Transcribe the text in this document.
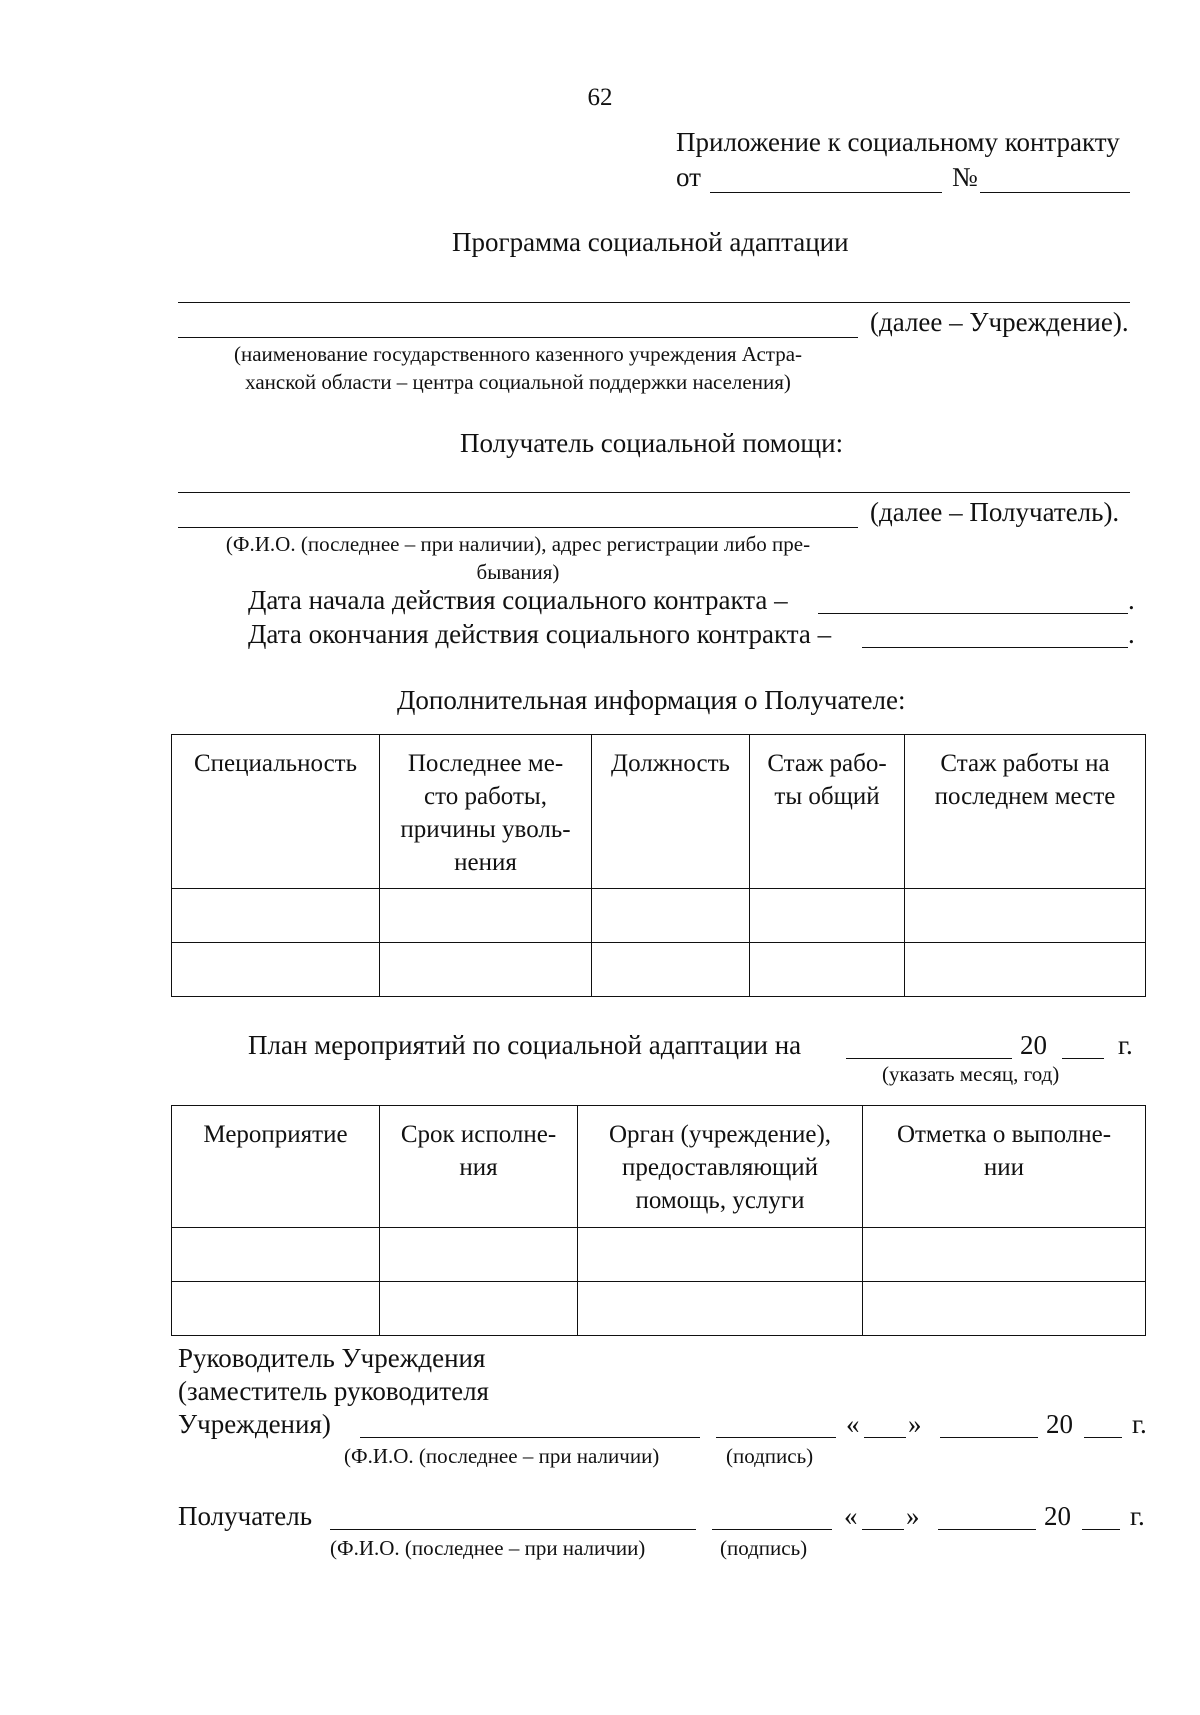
62
Приложение к социальному контракту
от	№
Программа социальной адаптации
(далее – Учреждение).
(наименование государственного казенного учреждения Астра-
ханской области – центра социальной поддержки населения)
Получатель социальной помощи:
(далее – Получатель).
(Ф.И.О. (последнее – при наличии), адрес регистрации либо пре-
бывания)
Дата начала действия социального контракта –	.
Дата окончания действия социального контракта –	.
Дополнительная информация о Получателе:
Специальность	Последнее ме-
сто работы,
причины уволь-
нения	Должность	Стаж рабо-
ты общий	Стаж работы на
последнем месте

План мероприятий по социальной адаптации на	20	г.
(указать месяц, год)
Мероприятие	Срок исполне-
ния	Орган (учреждение),
предоставляющий
помощь, услуги	Отметка о выполне-
нии

Руководитель Учреждения
(заместитель руководителя
Учреждения)	« »	20 г.
(Ф.И.О. (последнее – при наличии)	(подпись)
Получатель	« »	20 г.
(Ф.И.О. (последнее – при наличии)	(подпись)
